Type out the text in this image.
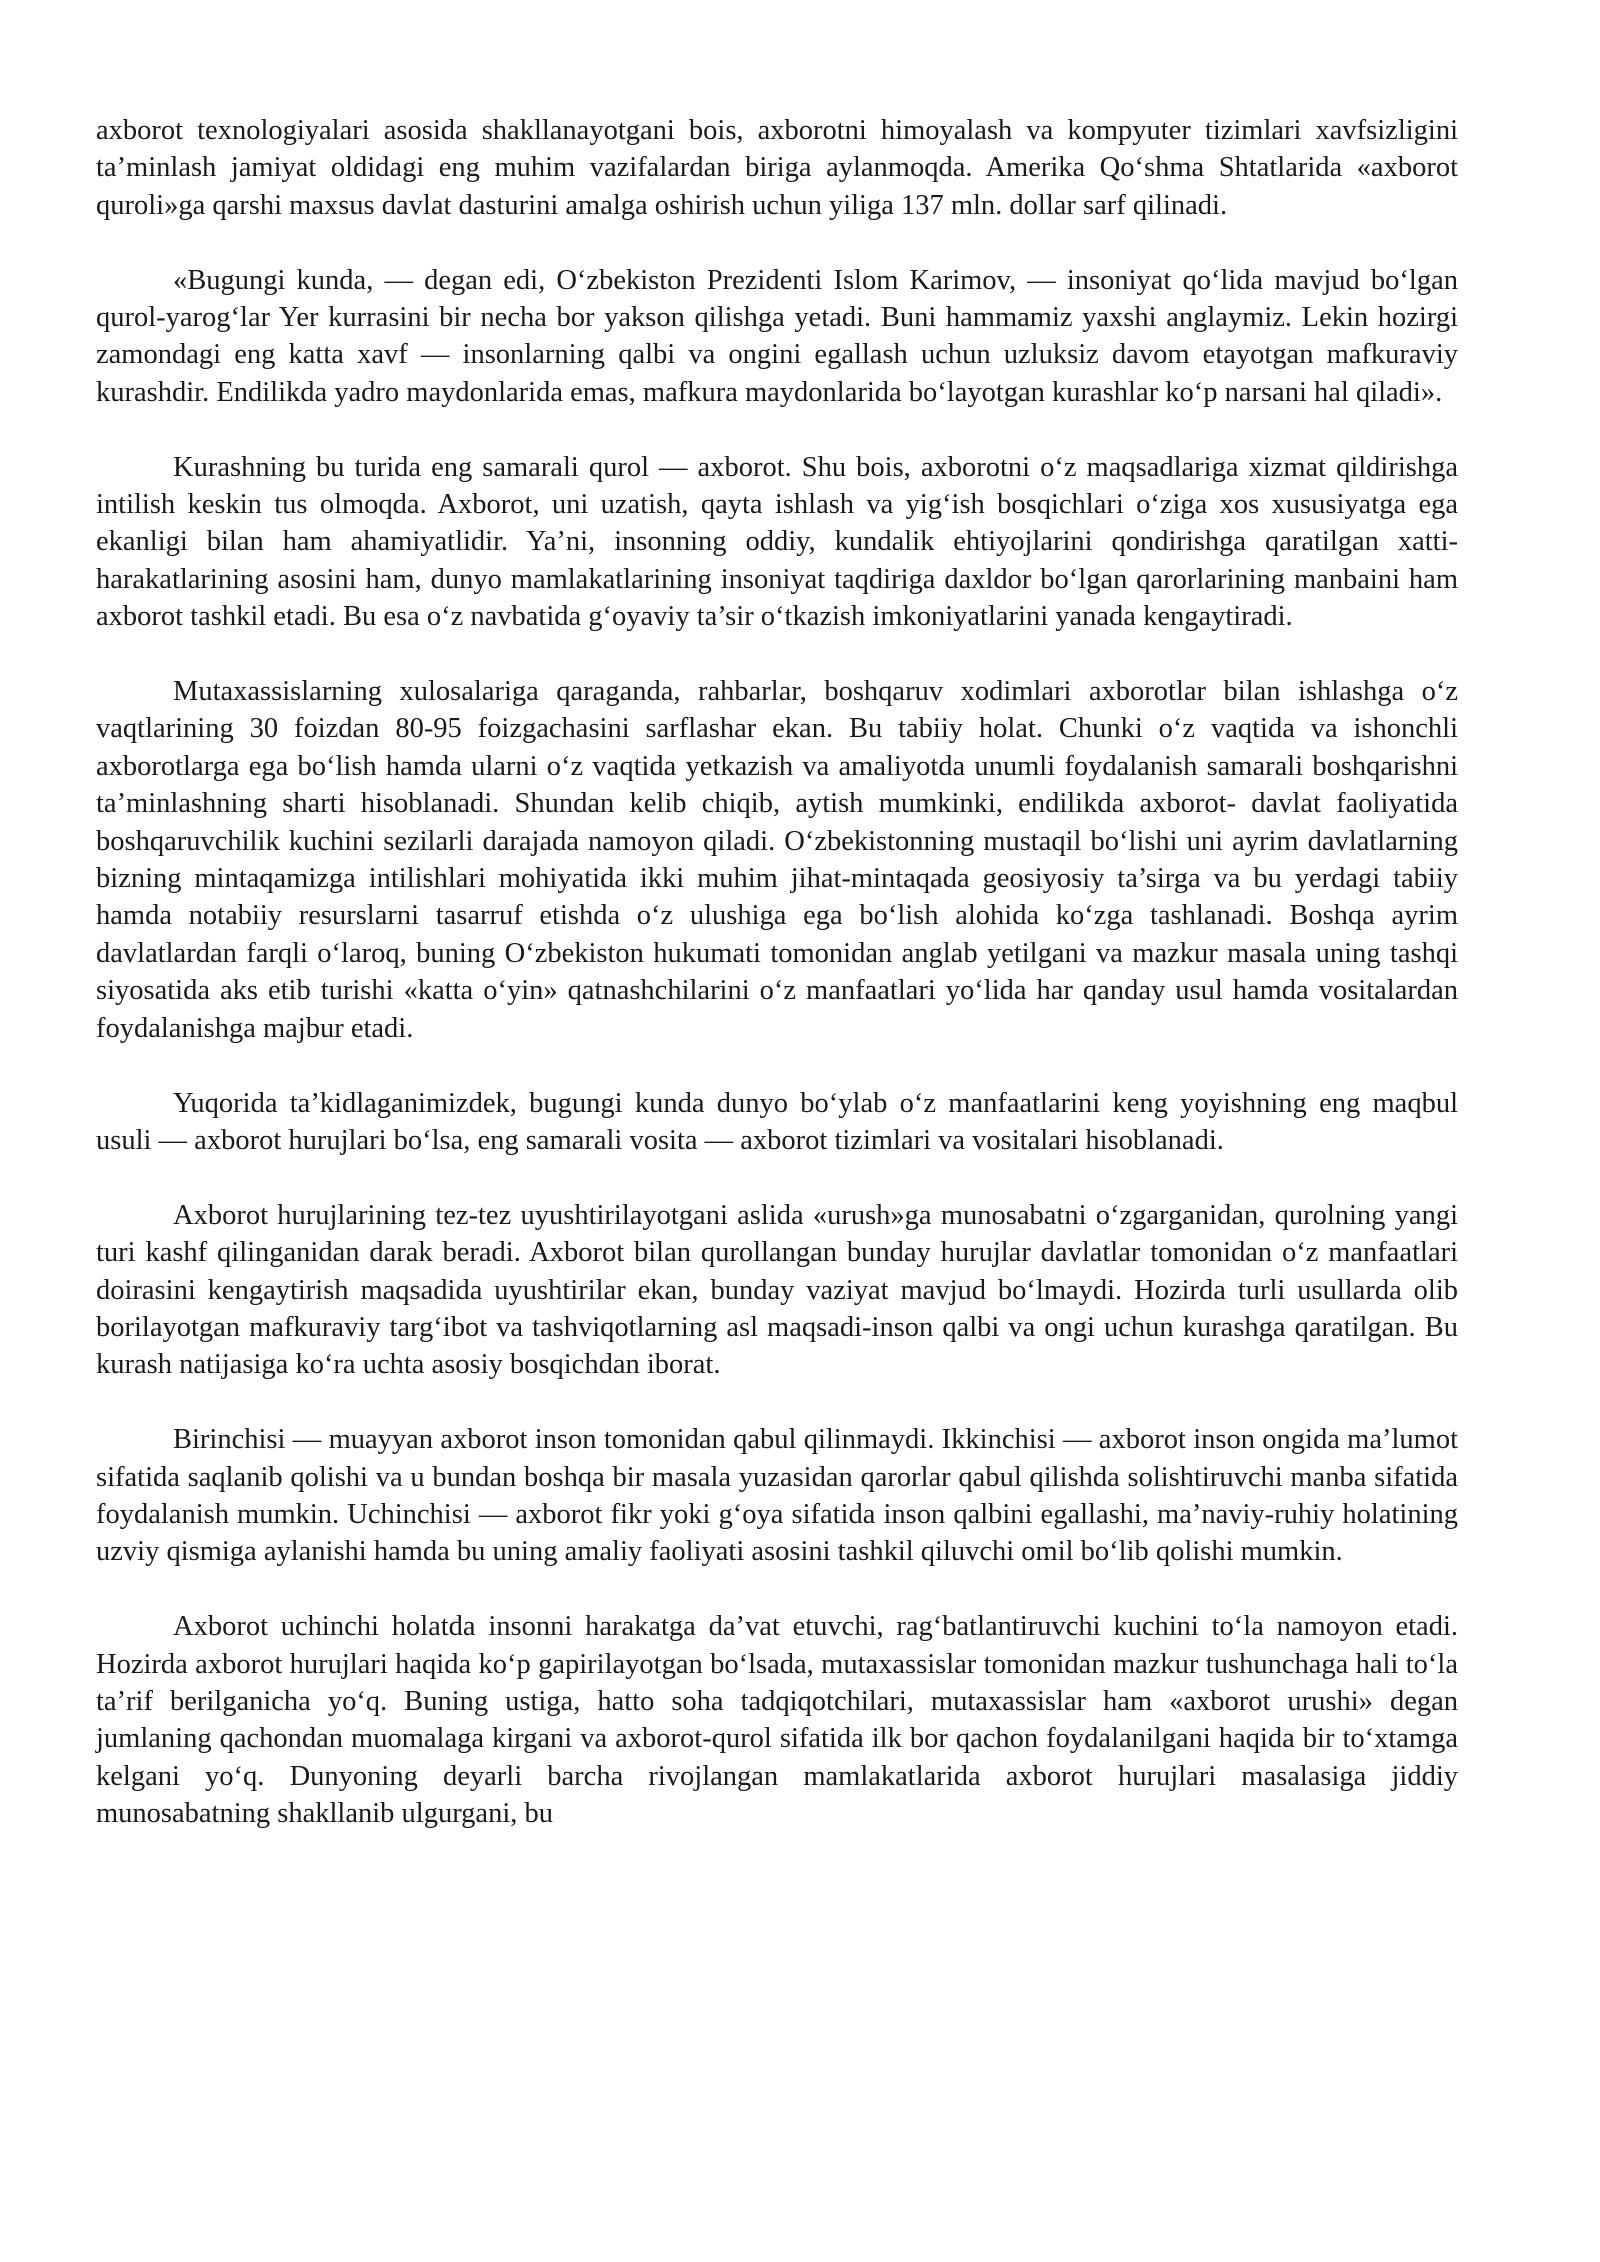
axborot texnologiyalari asosida shakllanayotgani bois, axborotni himoyalash va kompyuter tizimlari xavfsizligini ta’minlash jamiyat oldidagi eng muhim vazifalardan biriga aylanmoqda. Amerika Qo‘shma Shtatlarida «axborot quroli»ga qarshi maxsus davlat dasturini amalga oshirish uchun yiliga 137 mln. dollar sarf qilinadi.

«Bugungi kunda, — degan edi, O‘zbekiston Prezidenti Islom Karimov, — insoniyat qo‘lida mavjud bo‘lgan qurol-yarog‘lar Yer kurrasini bir necha bor yakson qilishga yetadi. Buni hammamiz yaxshi anglaymiz. Lekin hozirgi zamondagi eng katta xavf — insonlarning qalbi va ongini egallash uchun uzluksiz davom etayotgan mafkuraviy kurashdir. Endilikda yadro maydonlarida emas, mafkura maydonlarida bo‘layotgan kurashlar ko‘p narsani hal qiladi».

Kurashning bu turida eng samarali qurol — axborot. Shu bois, axborotni o‘z maqsadlariga xizmat qildirishga intilish keskin tus olmoqda. Axborot, uni uzatish, qayta ishlash va yig‘ish bosqichlari o‘ziga xos xususiyatga ega ekanligi bilan ham ahamiyatlidir. Ya’ni, insonning oddiy, kundalik ehtiyojlarini qondirishga qaratilgan xatti-harakatlarining asosini ham, dunyo mamlakatlarining insoniyat taqdiriga daxldor bo‘lgan qarorlarining manbaini ham axborot tashkil etadi. Bu esa o‘z navbatida g‘oyaviy ta’sir o‘tkazish imkoniyatlarini yanada kengaytiradi.

Mutaxassislarning xulosalariga qaraganda, rahbarlar, boshqaruv xodimlari axborotlar bilan ishlashga o‘z vaqtlarining 30 foizdan 80-95 foizgachasini sarflashar ekan. Bu tabiiy holat. Chunki o‘z vaqtida va ishonchli axborotlarga ega bo‘lish hamda ularni o‘z vaqtida yetkazish va amaliyotda unumli foydalanish samarali boshqarishni ta’minlashning sharti hisoblanadi. Shundan kelib chiqib, aytish mumkinki, endilikda axborot- davlat faoliyatida boshqaruvchilik kuchini sezilarli darajada namoyon qiladi. O‘zbekistonning mustaqil bo‘lishi uni ayrim davlatlarning bizning mintaqamizga intilishlari mohiyatida ikki muhim jihat-mintaqada geosiyosiy ta’sirga va bu yerdagi tabiiy hamda notabiiy resurslarni tasarruf etishda o‘z ulushiga ega bo‘lish alohida ko‘zga tashlanadi. Boshqa ayrim davlatlardan farqli o‘laroq, buning O‘zbekiston hukumati tomonidan anglab yetilgani va mazkur masala uning tashqi siyosatida aks etib turishi «katta o‘yin» qatnashchilarini o‘z manfaatlari yo‘lida har qanday usul hamda vositalardan foydalanishga majbur etadi.

Yuqorida ta’kidlaganimizdek, bugungi kunda dunyo bo‘ylab o‘z manfaatlarini keng yoyishning eng maqbul usuli — axborot hurujlari bo‘lsa, eng samarali vosita — axborot tizimlari va vositalari hisoblanadi.

Axborot hurujlarining tez-tez uyushtirilayotgani aslida «urush»ga munosabatni o‘zgarganidan, qurolning yangi turi kashf qilinganidan darak beradi. Axborot bilan qurollangan bunday hurujlar davlatlar tomonidan o‘z manfaatlari doirasini kengaytirish maqsadida uyushtirilar ekan, bunday vaziyat mavjud bo‘lmaydi. Hozirda turli usullarda olib borilayotgan mafkuraviy targ‘ibot va tashviqotlarning asl maqsadi-inson qalbi va ongi uchun kurashga qaratilgan. Bu kurash natijasiga ko‘ra uchta asosiy bosqichdan iborat.

Birinchisi — muayyan axborot inson tomonidan qabul qilinmaydi. Ikkinchisi — axborot inson ongida ma’lumot sifatida saqlanib qolishi va u bundan boshqa bir masala yuzasidan qarorlar qabul qilishda solishtiruvchi manba sifatida foydalanish mumkin. Uchinchisi — axborot fikr yoki g‘oya sifatida inson qalbini egallashi, ma’naviy-ruhiy holatining uzviy qismiga aylanishi hamda bu uning amaliy faoliyati asosini tashkil qiluvchi omil bo‘lib qolishi mumkin.

Axborot uchinchi holatda insonni harakatga da’vat etuvchi, rag‘batlantiruvchi kuchini to‘la namoyon etadi. Hozirda axborot hurujlari haqida ko‘p gapirilayotgan bo‘lsada, mutaxassislar tomonidan mazkur tushunchaga hali to‘la ta’rif berilganicha yo‘q. Buning ustiga, hatto soha tadqiqotchilari, mutaxassislar ham «axborot urushi» degan jumlaning qachondan muomalaga kirgani va axborot-qurol sifatida ilk bor qachon foydalanilgani haqida bir to‘xtamga kelgani yo‘q. Dunyoning deyarli barcha rivojlangan mamlakatlarida axborot hurujlari masalasiga jiddiy munosabatning shakllanib ulgurgani, bu
